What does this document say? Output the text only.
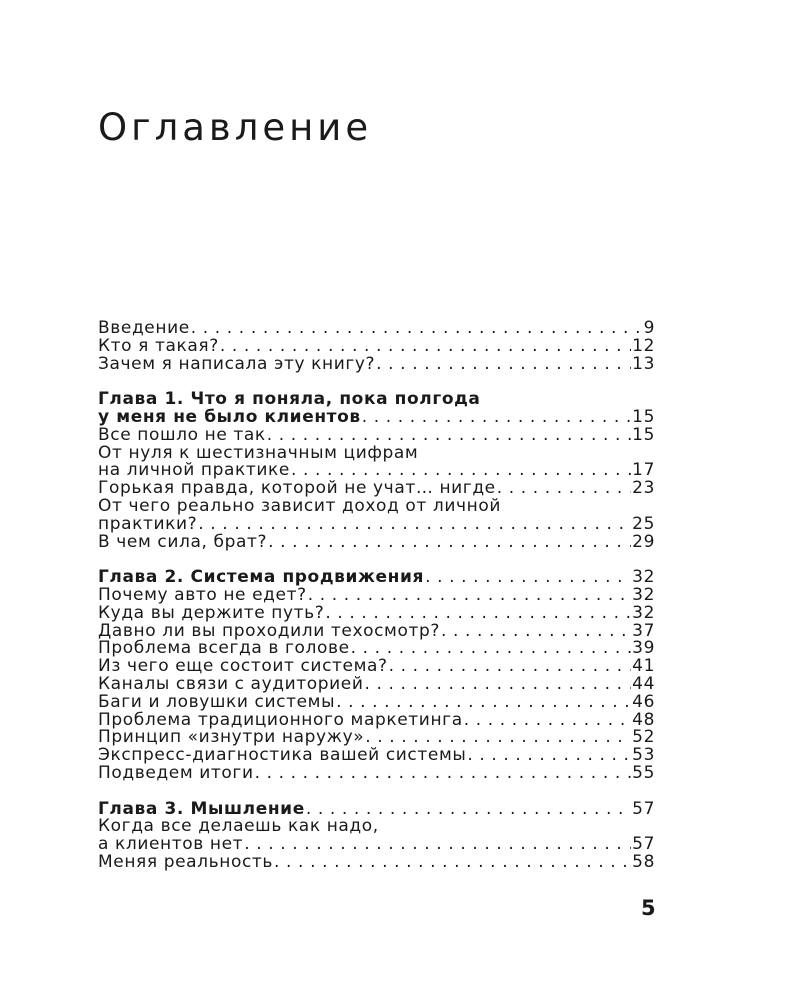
Оглавление
Введение . . .	9
Кто я такая? . . .	12
Зачем я написала эту книгу? . . .	13
Глава 1. Что я поняла, пока полгода
у меня не было клиентов . . .	15
Все пошло не так . . .	15
От нуля к шестизначным цифрам
на личной практике . . .	17
Горькая правда, которой не учат… нигде . . .	23
От чего реально зависит доход от личной
практики? . . .	25
В чем сила, брат? . . .	29
Глава 2. Система продвижения . . .	32
Почему авто не едет? . . .	32
Куда вы держите путь? . . .	32
Давно ли вы проходили техосмотр? . . .	37
Проблема всегда в голове . . .	39
Из чего еще состоит система? . . .	41
Каналы связи с аудиторией . . .	44
Баги и ловушки системы . . .	46
Проблема традиционного маркетинга . . .	48
Принцип «изнутри наружу» . . .	52
Экспресс-диагностика вашей системы . . .	53
Подведем итоги . . .	55
Глава 3. Мышление . . .	57
Когда все делаешь как надо,
а клиентов нет . . .	57
Меняя реальность . . .	58
5
